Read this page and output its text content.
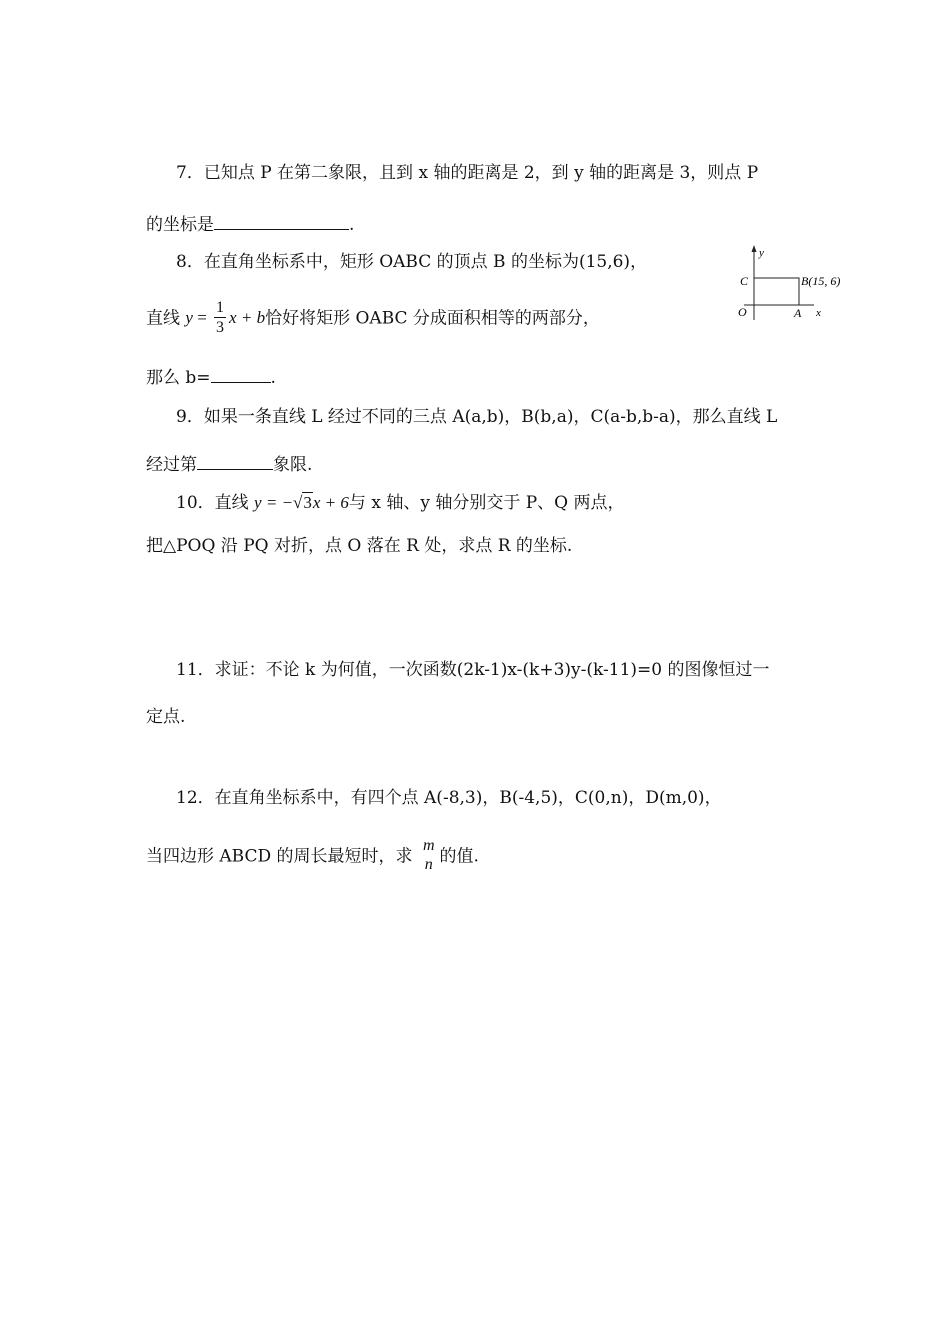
7．已知点 P 在第二象限，且到 x 轴的距离是 2，到 y 轴的距离是 3，则点 P
的坐标是	.
8．在直角坐标系中，矩形 OABC 的顶点 B 的坐标为(15,6)，
直线 $y = \frac{1}{3}$ x + b恰好将矩形 OABC 分成面积相等的两部分，
那么 b=	.
y
C	B(15, 6)
O	A x
9．如果一条直线 L 经过不同的三点 A(a,b)，B(b,a)，C(a-b,b-a)，那么直线 L
经过第	象限.
10．直线 y = −√3x + 6与 x 轴、y 轴分别交于 P、Q 两点，
把△POQ 沿 PQ 对折，点 O 落在 R 处，求点 R 的坐标.
11．求证：不论 k 为何值，一次函数(2k-1)x-(k+3)y-(k-11)=0 的图像恒过一
定点.
12．在直角坐标系中，有四个点 A(-8,3)，B(-4,5)，C(0,n)，D(m,0)，
当四边形 ABCD 的周长最短时，求
m
n 的值.
